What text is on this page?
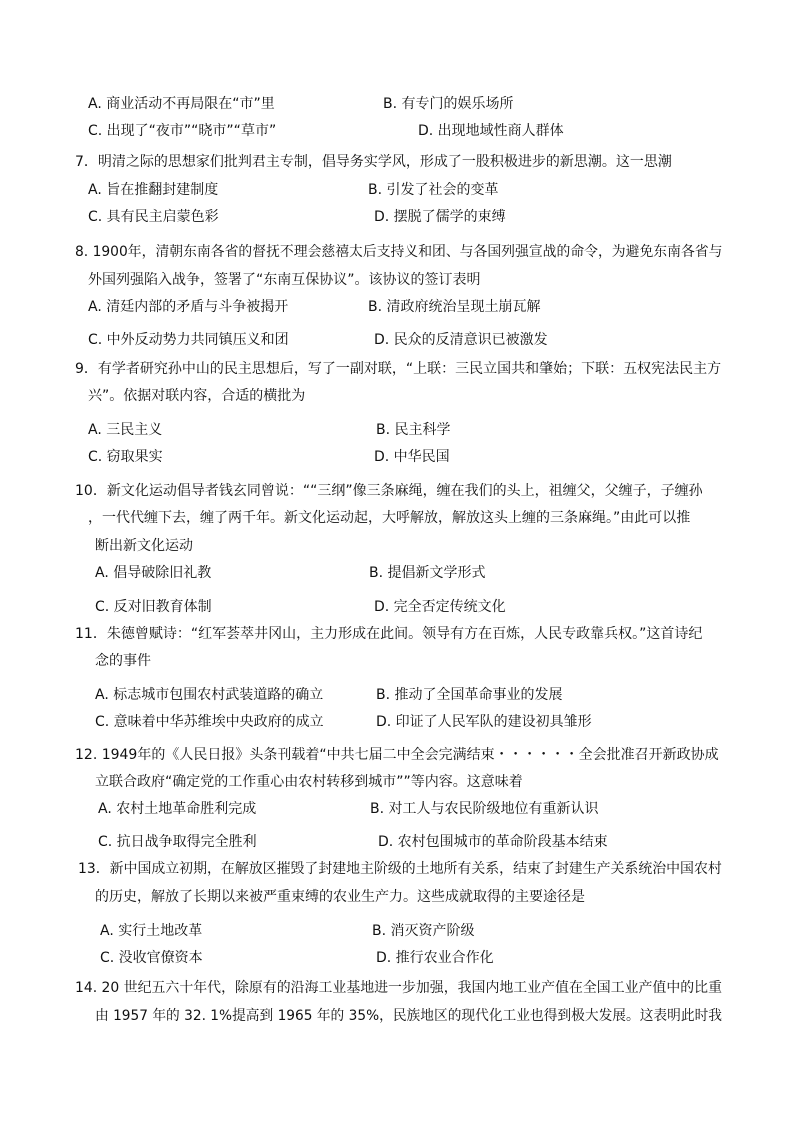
A. 商业活动不再局限在“市”里	B. 有专门的娱乐场所
C. 出现了“夜市”“晓市”“草市”	D. 出现地域性商人群体
7．明清之际的思想家们批判君主专制，倡导务实学风，形成了一股积极进步的新思潮。这一思潮
A. 旨在推翻封建制度	B. 引发了社会的变革
C. 具有民主启蒙色彩	D. 摆脱了儒学的束缚
8. 1900年，清朝东南各省的督抚不理会慈禧太后支持义和团、与各国列强宣战的命令，为避免东南各省与
外国列强陷入战争，签署了“东南互保协议”。该协议的签订表明
A. 清廷内部的矛盾与斗争被揭开	B. 清政府统治呈现土崩瓦解
C. 中外反动势力共同镇压义和团	D. 民众的反清意识已被激发
9．有学者研究孙中山的民主思想后，写了一副对联，“上联：三民立国共和肇始；下联：五权宪法民主方
兴”。依据对联内容，合适的横批为
A. 三民主义	B. 民主科学
C. 窃取果实	D. 中华民国
10．新文化运动倡导者钱玄同曾说：““三纲”像三条麻绳，缠在我们的头上，祖缠父，父缠子，子缠孙
，一代代缠下去，缠了两千年。新文化运动起，大呼解放，解放这头上缠的三条麻绳。”由此可以推
断出新文化运动
A. 倡导破除旧礼教	B. 提倡新文学形式
C. 反对旧教育体制	D. 完全否定传统文化
11．朱德曾赋诗：“红军荟萃井冈山，主力形成在此间。领导有方在百炼，人民专政靠兵权。”这首诗纪
念的事件
A. 标志城市包围农村武装道路的确立	B. 推动了全国革命事业的发展
C. 意味着中华苏维埃中央政府的成立	D. 印证了人民军队的建设初具雏形
12. 1949年的《人民日报》头条刊载着“中共七届二中全会完满结束・・・・・・全会批准召开新政协成
立联合政府“确定党的工作重心由农村转移到城市””等内容。这意味着
A. 农村土地革命胜利完成	B. 对工人与农民阶级地位有重新认识
C. 抗日战争取得完全胜利	D. 农村包围城市的革命阶段基本结束
13．新中国成立初期，在解放区摧毁了封建地主阶级的土地所有关系，结束了封建生产关系统治中国农村
的历史，解放了长期以来被严重束缚的农业生产力。这些成就取得的主要途径是
A. 实行土地改革	B. 消灭资产阶级
C. 没收官僚资本	D. 推行农业合作化
14. 20 世纪五六十年代，除原有的沿海工业基地进一步加强，我国内地工业产值在全国工业产值中的比重
由 1957 年的 32. 1%提高到 1965 年的 35%，民族地区的现代化工业也得到极大发展。这表明此时我
